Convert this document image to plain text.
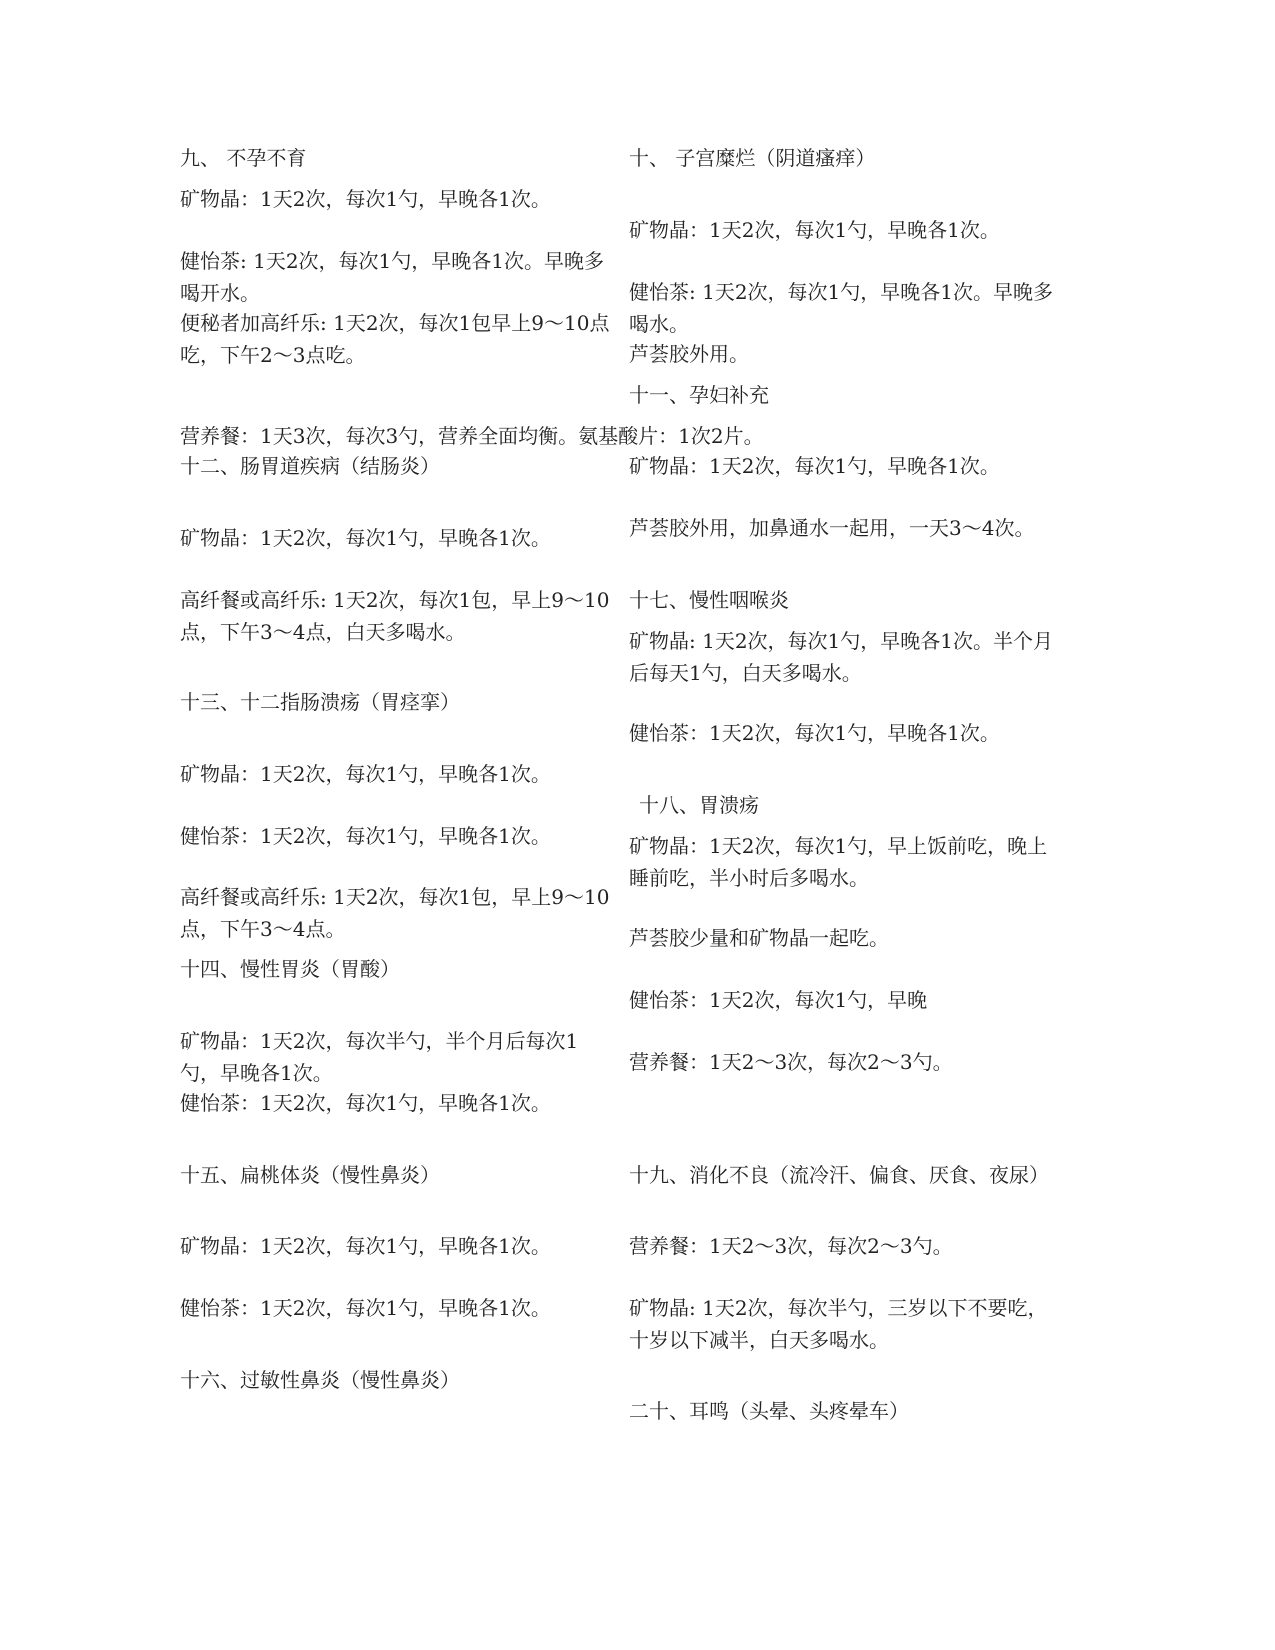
九、 不孕不育

矿物晶：1天2次，每次1勺，早晚各1次。

健怡茶: 1天2次，每次1勺，早晚各1次。早晚多喝开水。

便秘者加高纤乐: 1天2次，每次1包早上9～10点吃，下午2～3点吃。

营养餐：1天3次，每次3勺，营养全面均衡。氨基酸片：1次2片。

十二、肠胃道疾病（结肠炎）

矿物晶：1天2次，每次1勺，早晚各1次。

高纤餐或高纤乐: 1天2次，每次1包，早上9～10点，下午3～4点，白天多喝水。

十三、十二指肠溃疡（胃痉挛）

矿物晶：1天2次，每次1勺，早晚各1次。

健怡茶：1天2次，每次1勺，早晚各1次。

高纤餐或高纤乐: 1天2次，每次1包，早上9～10点，下午3～4点。

十四、慢性胃炎（胃酸）

矿物晶：1天2次，每次半勺，半个月后每次1勺，早晚各1次。

健怡茶：1天2次，每次1勺，早晚各1次。

十五、扁桃体炎（慢性鼻炎）

矿物晶：1天2次，每次1勺，早晚各1次。

健怡茶：1天2次，每次1勺，早晚各1次。

十六、过敏性鼻炎（慢性鼻炎）

十、 子宫糜烂（阴道瘙痒）

矿物晶：1天2次，每次1勺，早晚各1次。

健怡茶: 1天2次，每次1勺，早晚各1次。早晚多喝水。

芦荟胶外用。

十一、孕妇补充

矿物晶：1天2次，每次1勺，早晚各1次。

芦荟胶外用，加鼻通水一起用，一天3～4次。

十七、慢性咽喉炎

矿物晶: 1天2次，每次1勺，早晚各1次。半个月后每天1勺，白天多喝水。

健怡茶：1天2次，每次1勺，早晚各1次。

十八、胃溃疡

矿物晶：1天2次，每次1勺，早上饭前吃，晚上睡前吃，半小时后多喝水。

芦荟胶少量和矿物晶一起吃。

健怡茶：1天2次，每次1勺，早晚

营养餐：1天2～3次，每次2～3勺。

十九、消化不良（流冷汗、偏食、厌食、夜尿）

营养餐：1天2～3次，每次2～3勺。

矿物晶: 1天2次，每次半勺，三岁以下不要吃，十岁以下减半，白天多喝水。

二十、耳鸣（头晕、头疼晕车）
